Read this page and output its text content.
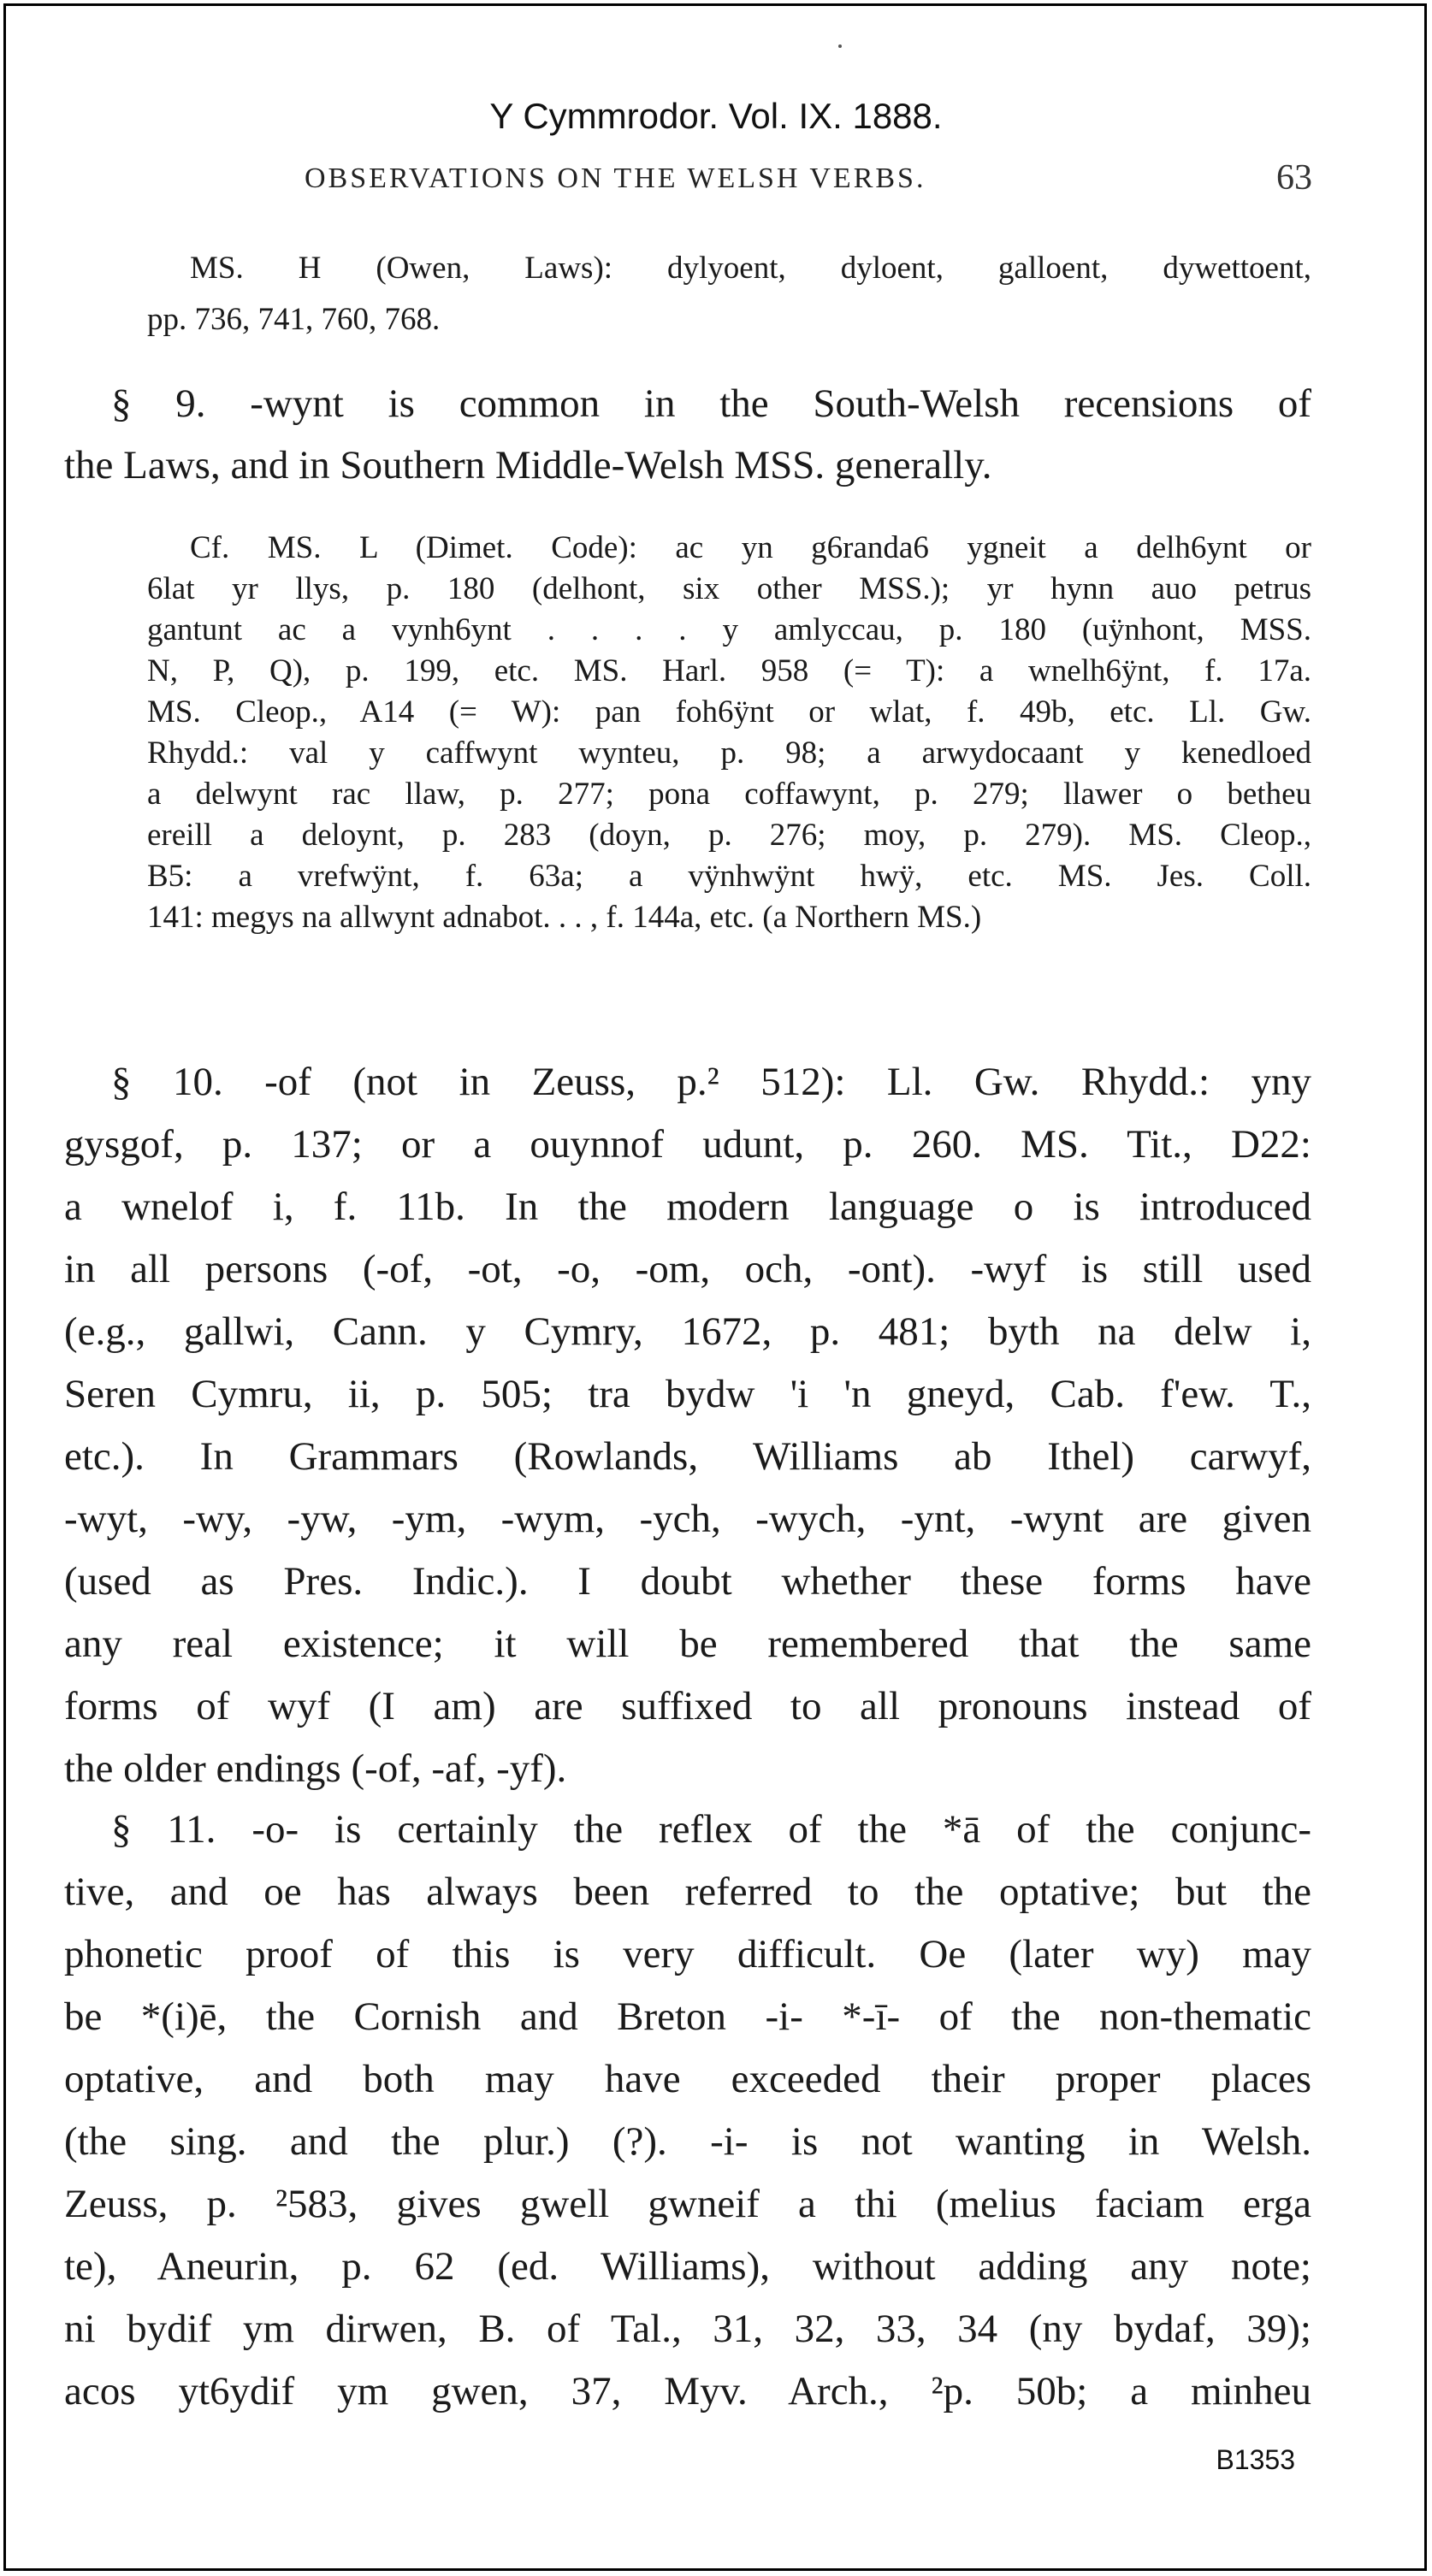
Y Cymmrodor. Vol. IX. 1888.
OBSERVATIONS ON THE WELSH VERBS.	63
MS. H (Owen, Laws): dylyoent, dyloent, galloent, dywettoent,
pp. 736, 741, 760, 768.
§ 9. -wynt is common in the South-Welsh recensions of
the Laws, and in Southern Middle-Welsh MSS. generally.
Cf. MS. L (Dimet. Code): ac yn g6randa6 ygneit a delh6ynt or
6lat yr llys, p. 180 (delhont, six other MSS.); yr hynn auo petrus
gantunt ac a vynh6ynt . . . . y amlyccau, p. 180 (uÿnhont, MSS.
N, P, Q), p. 199, etc. MS. Harl. 958 (= T): a wnelh6ÿnt, f. 17a.
MS. Cleop., A14 (= W): pan foh6ÿnt or wlat, f. 49b, etc. Ll. Gw.
Rhydd.: val y caffwynt wynteu, p. 98; a arwydocaant y kenedloed
a delwynt rac llaw, p. 277; pona coffawynt, p. 279; llawer o betheu
ereill a deloynt, p. 283 (doyn, p. 276; moy, p. 279). MS. Cleop.,
B5: a vrefwÿnt, f. 63a; a vÿnhwÿnt hwÿ, etc. MS. Jes. Coll.
141: megys na allwynt adnabot. . . , f. 144a, etc. (a Northern MS.)
§ 10. -of (not in Zeuss, p.² 512): Ll. Gw. Rhydd.: yny
gysgof, p. 137; or a ouynnof udunt, p. 260. MS. Tit., D22:
a wnelof i, f. 11b. In the modern language o is introduced
in all persons (-of, -ot, -o, -om, och, -ont). -wyf is still used
(e.g., gallwi, Cann. y Cymry, 1672, p. 481; byth na delw i,
Seren Cymru, ii, p. 505; tra bydw 'i 'n gneyd, Cab. f'ew. T.,
etc.). In Grammars (Rowlands, Williams ab Ithel) carwyf,
-wyt, -wy, -yw, -ym, -wym, -ych, -wych, -ynt, -wynt are given
(used as Pres. Indic.). I doubt whether these forms have
any real existence; it will be remembered that the same
forms of wyf (I am) are suffixed to all pronouns instead of
the older endings (-of, -af, -yf).
§ 11. -o- is certainly the reflex of the *ā of the conjunc-
tive, and oe has always been referred to the optative; but the
phonetic proof of this is very difficult. Oe (later wy) may
be *(i)ē, the Cornish and Breton -i- *-ī- of the non-thematic
optative, and both may have exceeded their proper places
(the sing. and the plur.) (?). -i- is not wanting in Welsh.
Zeuss, p. ²583, gives gwell gwneif a thi (melius faciam erga
te), Aneurin, p. 62 (ed. Williams), without adding any note;
ni bydif ym dirwen, B. of Tal., 31, 32, 33, 34 (ny bydaf, 39);
acos yt6ydif ym gwen, 37, Myv. Arch., ²p. 50b; a minheu
B1353
